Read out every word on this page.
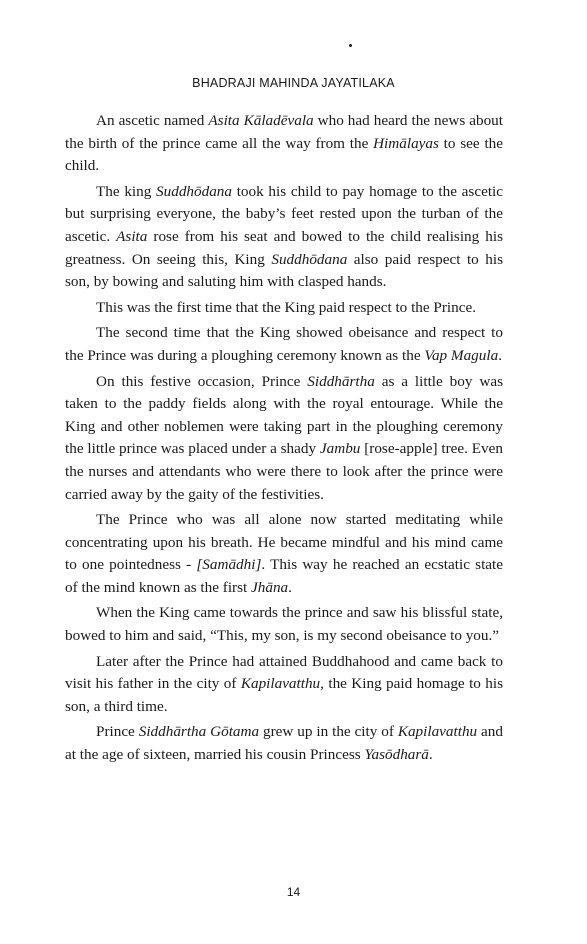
BHADRAJI MAHINDA JAYATILAKA

An ascetic named Asita Kāladēvala who had heard the news about the birth of the prince came all the way from the Himālayas to see the child.

The king Suddhōdana took his child to pay homage to the ascetic but surprising everyone, the baby’s feet rested upon the turban of the ascetic. Asita rose from his seat and bowed to the child realising his greatness. On seeing this, King Suddhōdana also paid respect to his son, by bowing and saluting him with clasped hands.

This was the first time that the King paid respect to the Prince.

The second time that the King showed obeisance and respect to the Prince was during a ploughing ceremony known as the Vap Magula.

On this festive occasion, Prince Siddhārtha as a little boy was taken to the paddy fields along with the royal entourage. While the King and other noblemen were taking part in the ploughing ceremony the little prince was placed under a shady Jambu [rose-apple] tree. Even the nurses and attendants who were there to look after the prince were carried away by the gaity of the festivities.

The Prince who was all alone now started meditating while concentrating upon his breath. He became mindful and his mind came to one pointedness - [Samādhi]. This way he reached an ecstatic state of the mind known as the first Jhāna.

When the King came towards the prince and saw his blissful state, bowed to him and said, “This, my son, is my second obeisance to you.”

Later after the Prince had attained Buddhahood and came back to visit his father in the city of Kapilavatthu, the King paid homage to his son, a third time.

Prince Siddhārtha Gōtama grew up in the city of Kapilavatthu and at the age of sixteen, married his cousin Princess Yasōdharā.

14
